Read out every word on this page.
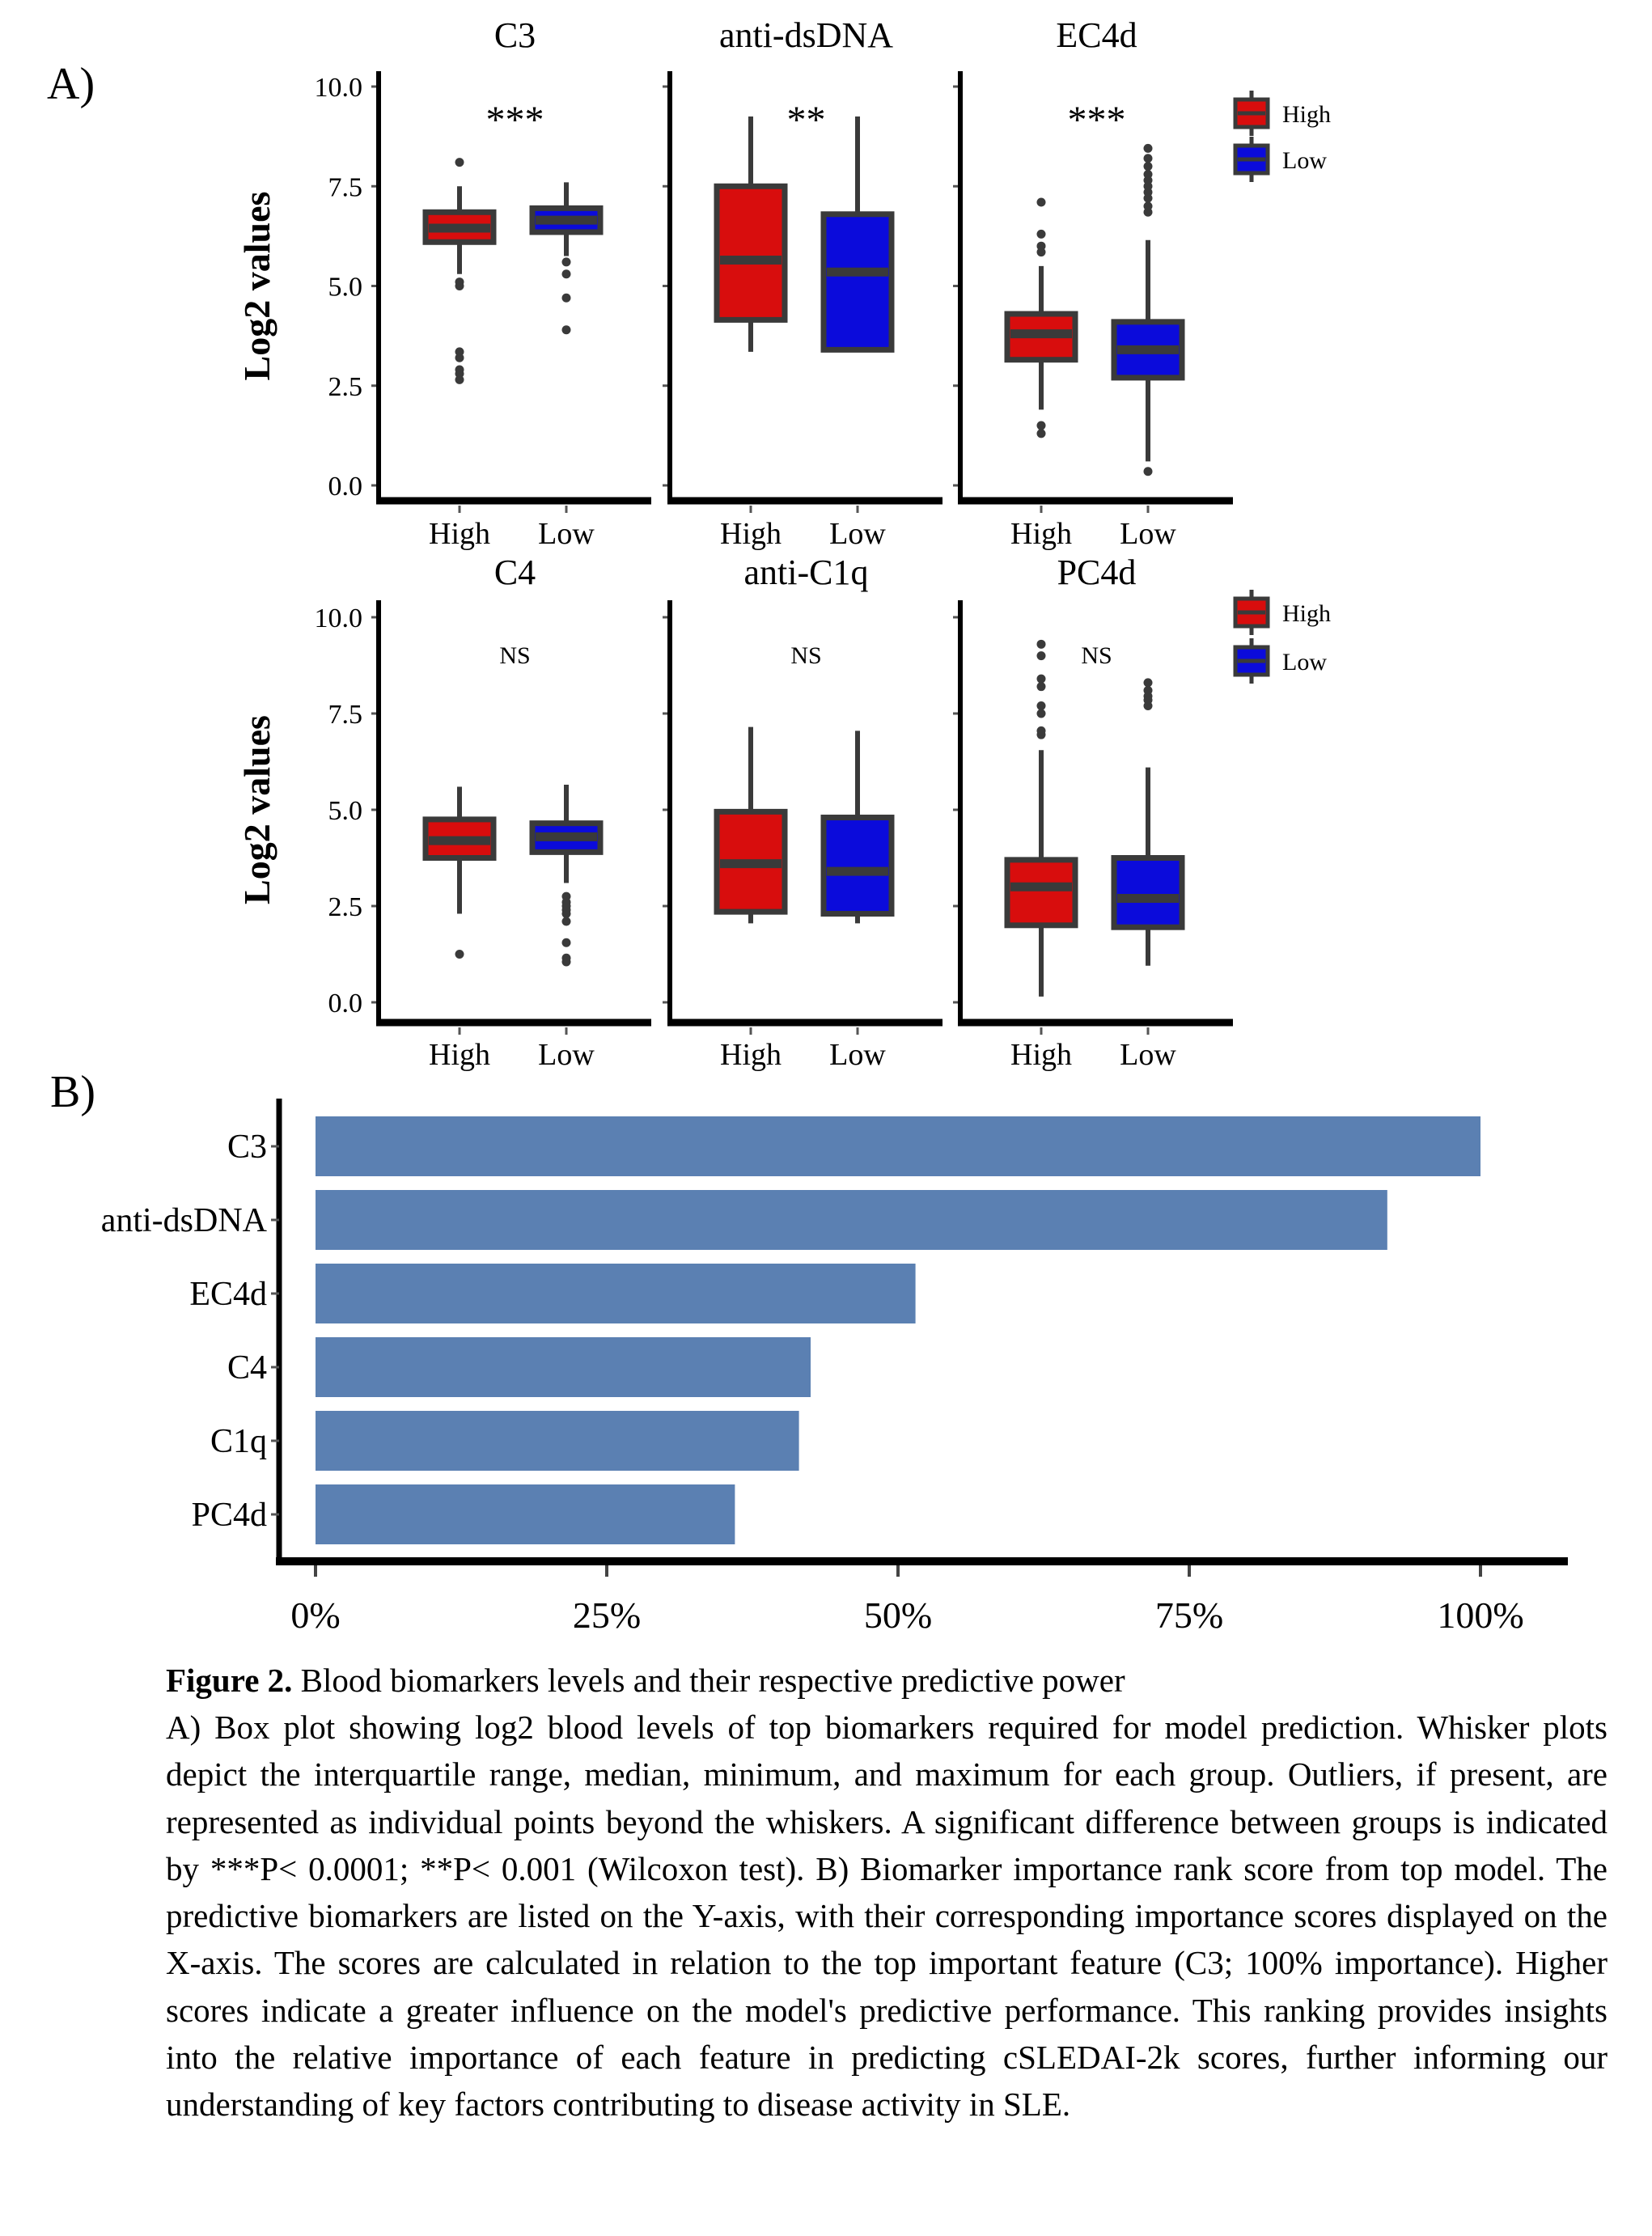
A)
B)
Log2 values
10.0
7.5
5.0
2.5
0.0
C3
***
High Low
anti-dsDNA
**
High Low
EC4d
***
High Low
High
Low
Log2 values
10.0
7.5
5.0
2.5
0.0
C4
NS
High Low
anti-C1q
NS
High Low
PC4d
NS
High Low
High
Low
C3
anti-dsDNA
EC4d
C4
C1q
PC4d
0%	25%	50%	75%	100%
Figure 2. Blood biomarkers levels and their respective predictive power
A) Box plot showing log2 blood levels of top biomarkers required for model prediction. Whisker plots depict the interquartile range, median, minimum, and maximum for each group. Outliers, if present, are represented as individual points beyond the whiskers. A significant difference between groups is indicated by ***P< 0.0001; **P< 0.001 (Wilcoxon test). B) Biomarker importance rank score from top model. The predictive biomarkers are listed on the Y-axis, with their corresponding importance scores displayed on the X-axis. The scores are calculated in relation to the top important feature (C3; 100% importance). Higher scores indicate a greater influence on the model's predictive performance. This ranking provides insights into the relative importance of each feature in predicting cSLEDAI-2k scores, further informing our understanding of key factors contributing to disease activity in SLE.
